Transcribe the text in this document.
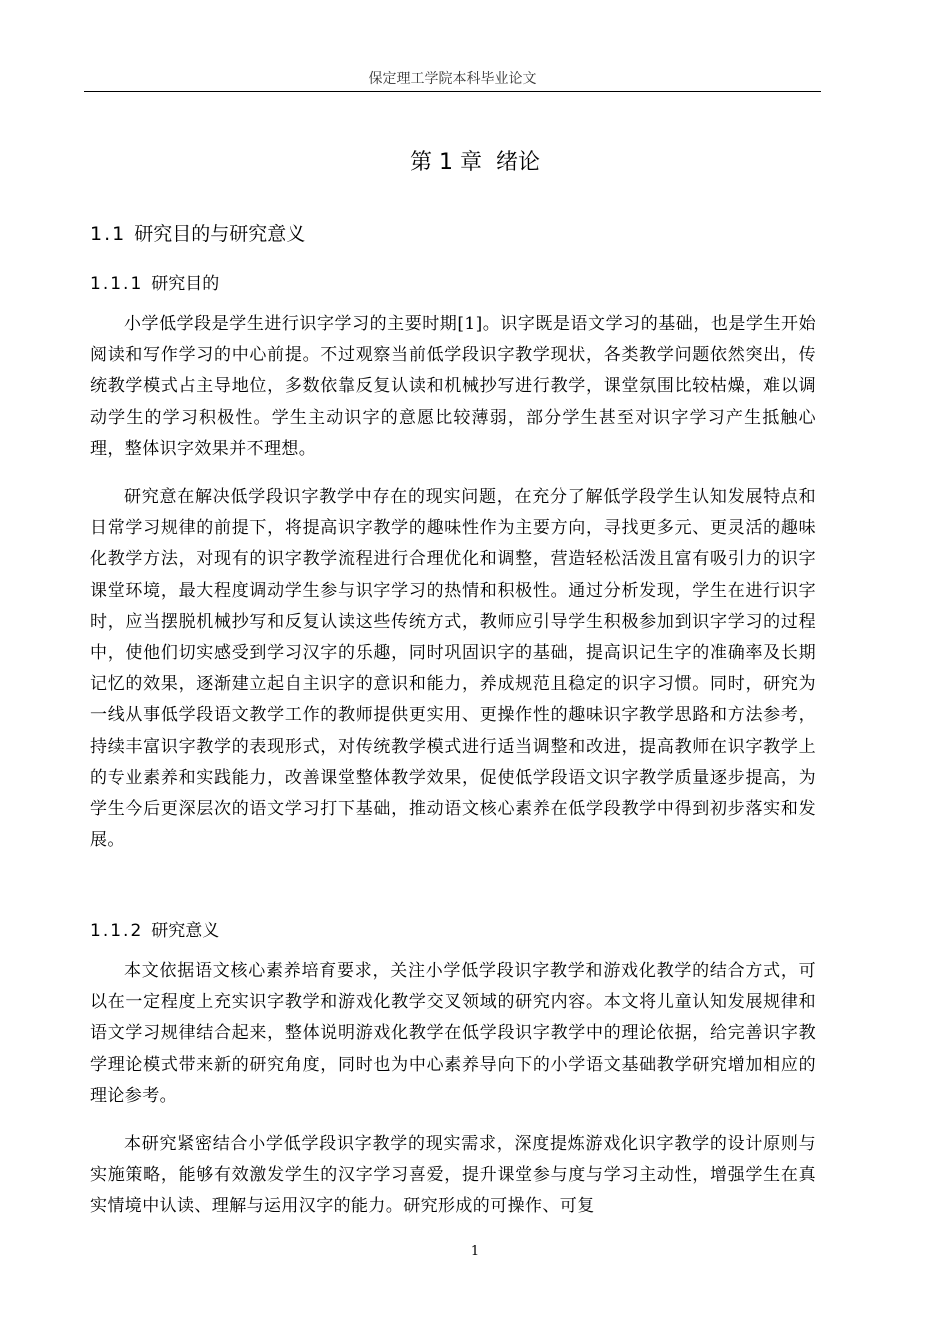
保定理工学院本科毕业论文
第 1 章 绪论
1.1 研究目的与研究意义
1.1.1 研究目的

小学低学段是学生进行识字学习的主要时期[1]。识字既是语文学习的基础，也是学生开始阅读和写作学习的中心前提。不过观察当前低学段识字教学现状，各类教学问题依然突出，传统教学模式占主导地位，多数依靠反复认读和机械抄写进行教学，课堂氛围比较枯燥，难以调动学生的学习积极性。学生主动识字的意愿比较薄弱，部分学生甚至对识字学习产生抵触心理，整体识字效果并不理想。

研究意在解决低学段识字教学中存在的现实问题，在充分了解低学段学生认知发展特点和日常学习规律的前提下，将提高识字教学的趣味性作为主要方向，寻找更多元、更灵活的趣味化教学方法，对现有的识字教学流程进行合理优化和调整，营造轻松活泼且富有吸引力的识字课堂环境，最大程度调动学生参与识字学习的热情和积极性。通过分析发现，学生在进行识字时，应当摆脱机械抄写和反复认读这些传统方式，教师应引导学生积极参加到识字学习的过程中，使他们切实感受到学习汉字的乐趣，同时巩固识字的基础，提高识记生字的准确率及长期记忆的效果，逐渐建立起自主识字的意识和能力，养成规范且稳定的识字习惯。同时，研究为一线从事低学段语文教学工作的教师提供更实用、更操作性的趣味识字教学思路和方法参考，持续丰富识字教学的表现形式，对传统教学模式进行适当调整和改进，提高教师在识字教学上的专业素养和实践能力，改善课堂整体教学效果，促使低学段语文识字教学质量逐步提高，为学生今后更深层次的语文学习打下基础，推动语文核心素养在低学段教学中得到初步落实和发展。

1.1.2 研究意义

本文依据语文核心素养培育要求，关注小学低学段识字教学和游戏化教学的结合方式，可以在一定程度上充实识字教学和游戏化教学交叉领域的研究内容。本文将儿童认知发展规律和语文学习规律结合起来，整体说明游戏化教学在低学段识字教学中的理论依据，给完善识字教学理论模式带来新的研究角度，同时也为中心素养导向下的小学语文基础教学研究增加相应的理论参考。

本研究紧密结合小学低学段识字教学的现实需求，深度提炼游戏化识字教学的设计原则与实施策略，能够有效激发学生的汉字学习喜爱，提升课堂参与度与学习主动性，增强学生在真实情境中认读、理解与运用汉字的能力。研究形成的可操作、可复

1
